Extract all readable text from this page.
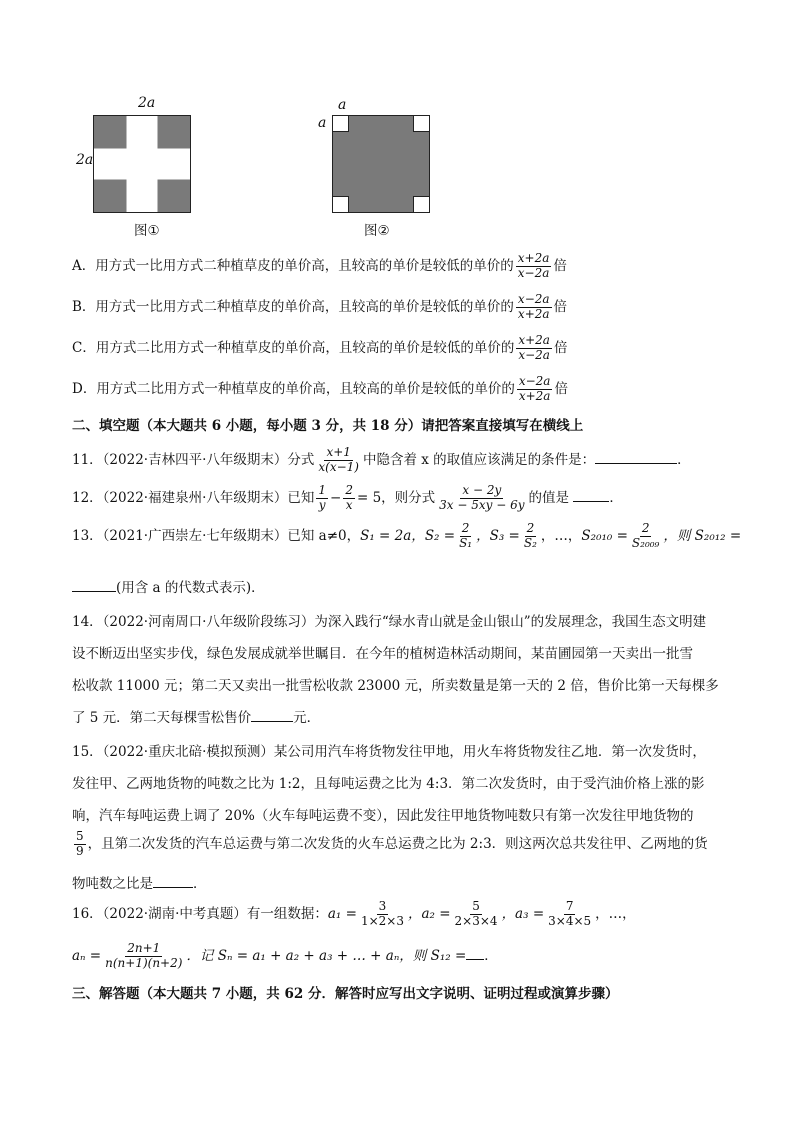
2a
2a
图①
a
a
图②
A．用方式一比用方式二种植草皮的单价高，且较高的单价是较低的单价的 $\frac{x+2a}{x-2a}$ 倍
B．用方式一比用方式二种植草皮的单价高，且较高的单价是较低的单价的 $\frac{x-2a}{x+2a}$ 倍
C．用方式二比用方式一种植草皮的单价高，且较高的单价是较低的单价的 $\frac{x+2a}{x-2a}$ 倍
D．用方式二比用方式一种植草皮的单价高，且较高的单价是较低的单价的 $\frac{x-2a}{x+2a}$ 倍
二、填空题（本大题共 6 小题，每小题 3 分，共 18 分）请把答案直接填写在横线上
11．（2022·吉林四平·八年级期末）分式 $\frac{x+1}{x(x-1)}$ 中隐含着 x 的取值应该满足的条件是：	．
12．（2022·福建泉州·八年级期末）已知 $\frac{1}{y} - \frac{2}{x} = 5$，则分式 $\frac{x - 2y}{3x - 5xy - 6y}$ 的值是	．
13．（2021·广西崇左·七年级期末）已知 a≠0，S₁ = 2a，$S_2 = \frac{2}{\text{S₁}}$ ，$S_3 = \frac{2}{\text{S₂}}$ ，…，$S_{2010} = \frac{2}{\text{S₂₀₀₉}}$ ，则 S₂₀₁₂ =
(用含 a 的代数式表示)．
14．（2022·河南周口·八年级阶段练习）为深入践行“绿水青山就是金山银山”的发展理念，我国生态文明建
设不断迈出坚实步伐，绿色发展成就举世瞩目．在今年的植树造林活动期间，某苗圃园第一天卖出一批雪
松收款 11000 元；第二天又卖出一批雪松收款 23000 元，所卖数量是第一天的 2 倍，售价比第一天每棵多
了 5 元．第二天每棵雪松售价	元．
15．（2022·重庆北碚·模拟预测）某公司用汽车将货物发往甲地，用火车将货物发往乙地．第一次发货时，
发往甲、乙两地货物的吨数之比为 1:2，且每吨运费之比为 4:3．第二次发货时，由于受汽油价格上涨的影
响，汽车每吨运费上调了 20%（火车每吨运费不变），因此发往甲地货物吨数只有第一次发往甲地货物的
$\frac{5}{9}$ ，且第二次发货的汽车总运费与第二次发货的火车总运费之比为 2:3．则这两次总共发往甲、乙两地的货
物吨数之比是	．
16．（2022·湖南·中考真题）有一组数据：$a_1 = \frac{3}{1\times 2\times 3}$ ，$a_2 = \frac{5}{2\times 3\times 4}$ ，$a_3 = \frac{7}{3\times 4\times 5}$ ，…，
$a_n = \frac{2n+1}{n(n+1)(n+2)}$ ．记 Sₙ = a₁ + a₂ + a₃ + … + aₙ，则 S₁₂ = ．
三、解答题（本大题共 7 小题，共 62 分．解答时应写出文字说明、证明过程或演算步骤）
